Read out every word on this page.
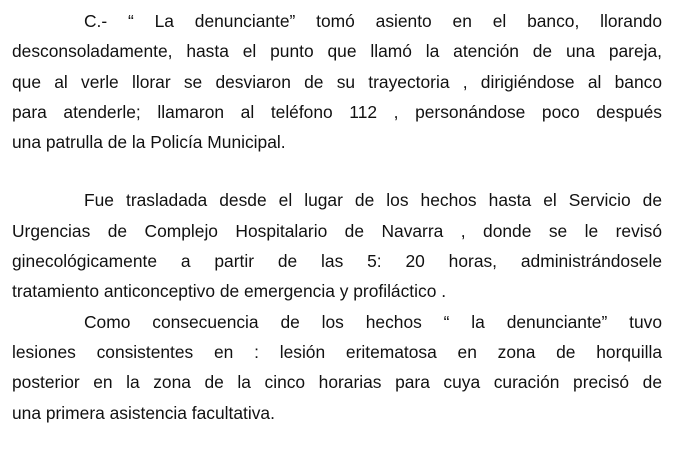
C.- “ La denunciante” tomó asiento en el banco, llorando
desconsoladamente, hasta el punto que llamó la atención de una pareja,
que al verle llorar se desviaron de su trayectoria , dirigiéndose al banco
para atenderle; llamaron al teléfono 112 , personándose poco después
una patrulla de la Policía Municipal.
Fue trasladada desde el lugar de los hechos hasta el Servicio de
Urgencias de Complejo Hospitalario de Navarra , donde se le revisó
ginecológicamente a partir de las 5: 20 horas, administrándosele
tratamiento anticonceptivo de emergencia y profiláctico .
Como consecuencia de los hechos “ la denunciante” tuvo
lesiones consistentes en : lesión eritematosa en zona de horquilla
posterior en la zona de la cinco horarias para cuya curación precisó de
una primera asistencia facultativa.
